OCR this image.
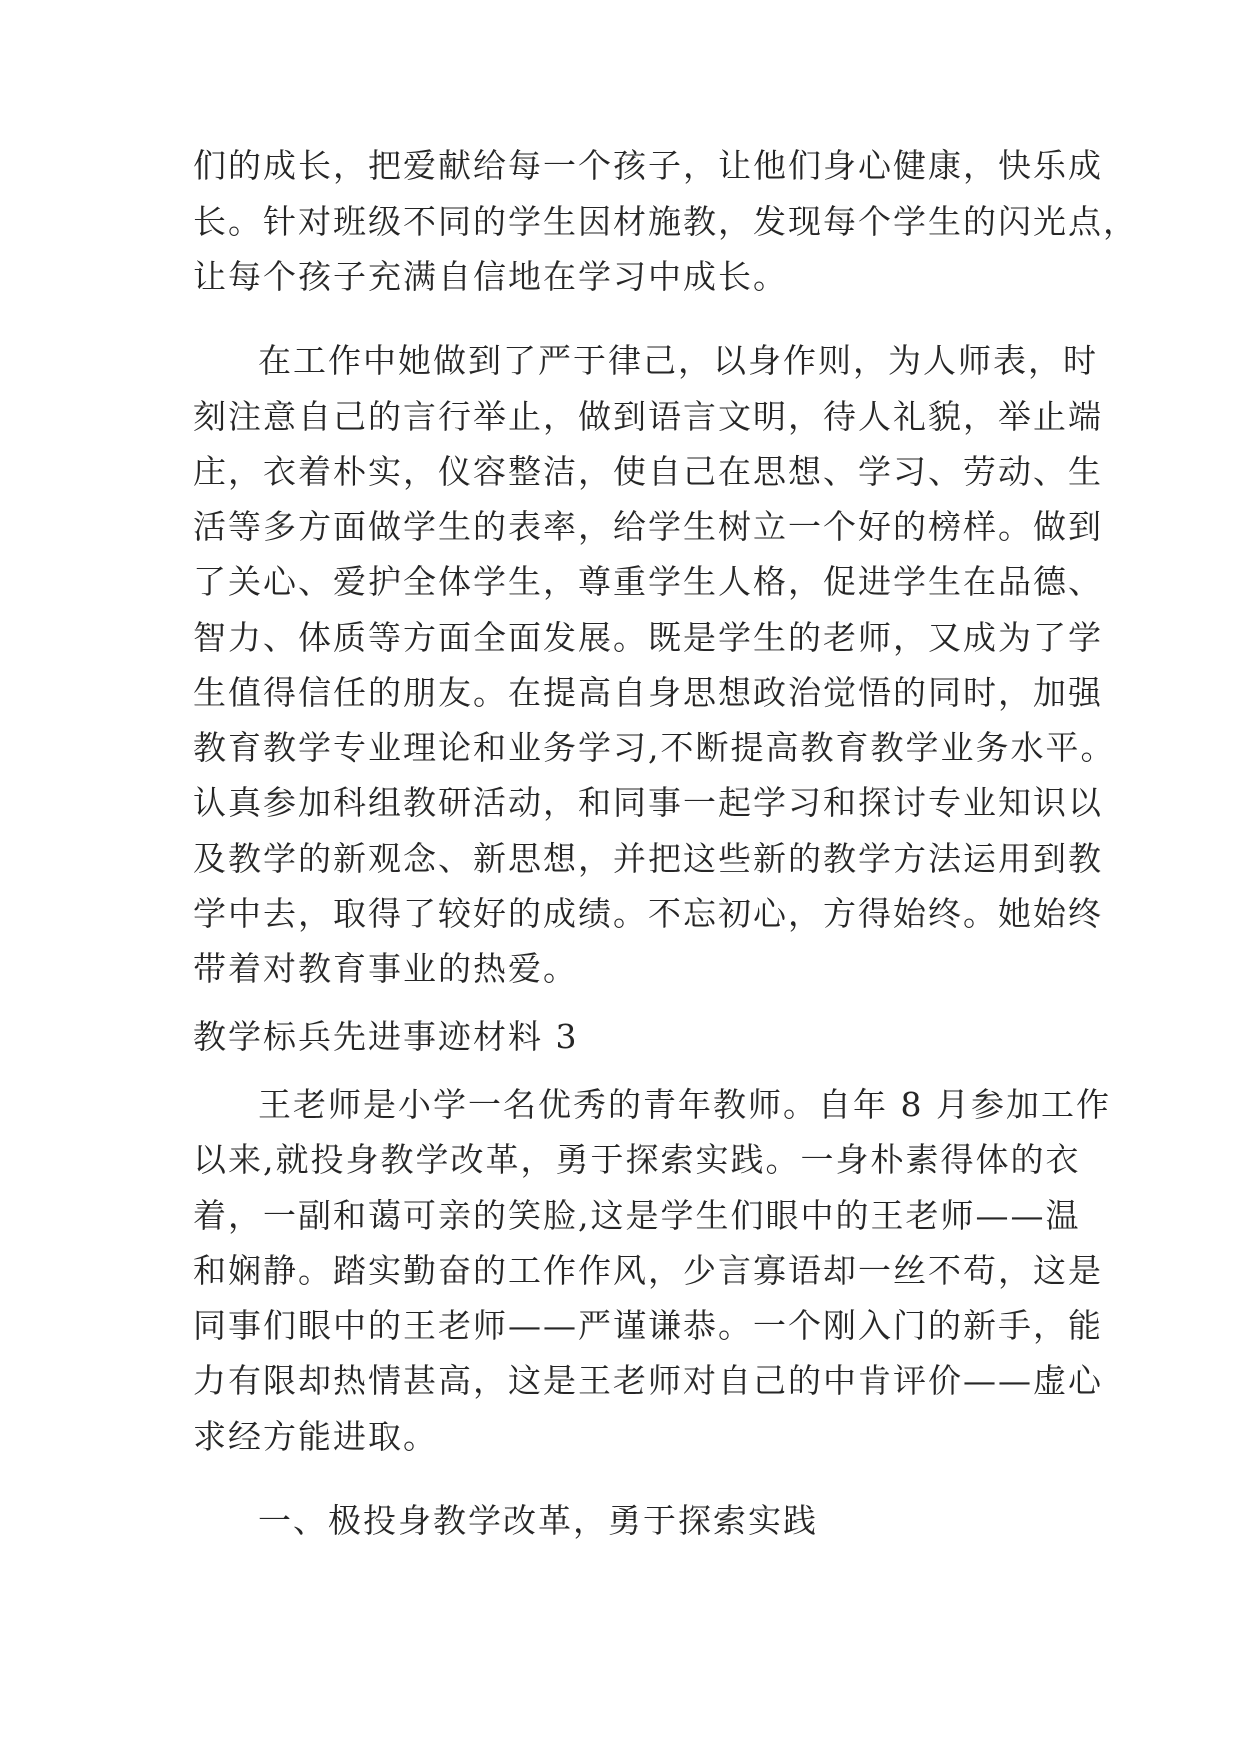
们的成长，把爱献给每一个孩子，让他们身心健康，快乐成
长。针对班级不同的学生因材施教，发现每个学生的闪光点，
让每个孩子充满自信地在学习中成长。
在工作中她做到了严于律己，以身作则，为人师表，时
刻注意自己的言行举止，做到语言文明，待人礼貌，举止端
庄，衣着朴实，仪容整洁，使自己在思想、学习、劳动、生
活等多方面做学生的表率，给学生树立一个好的榜样。做到
了关心、爱护全体学生，尊重学生人格，促进学生在品德、
智力、体质等方面全面发展。既是学生的老师，又成为了学
生值得信任的朋友。在提高自身思想政治觉悟的同时，加强
教育教学专业理论和业务学习,不断提高教育教学业务水平。
认真参加科组教研活动，和同事一起学习和探讨专业知识以
及教学的新观念、新思想，并把这些新的教学方法运用到教
学中去，取得了较好的成绩。不忘初心，方得始终。她始终
带着对教育事业的热爱。
教学标兵先进事迹材料 3
王老师是小学一名优秀的青年教师。自年 8 月参加工作
以来,就投身教学改革，勇于探索实践。一身朴素得体的衣
着，一副和蔼可亲的笑脸,这是学生们眼中的王老师——温
和娴静。踏实勤奋的工作作风，少言寡语却一丝不苟，这是
同事们眼中的王老师——严谨谦恭。一个刚入门的新手，能
力有限却热情甚高，这是王老师对自己的中肯评价——虚心
求经方能进取。
一、极投身教学改革，勇于探索实践
